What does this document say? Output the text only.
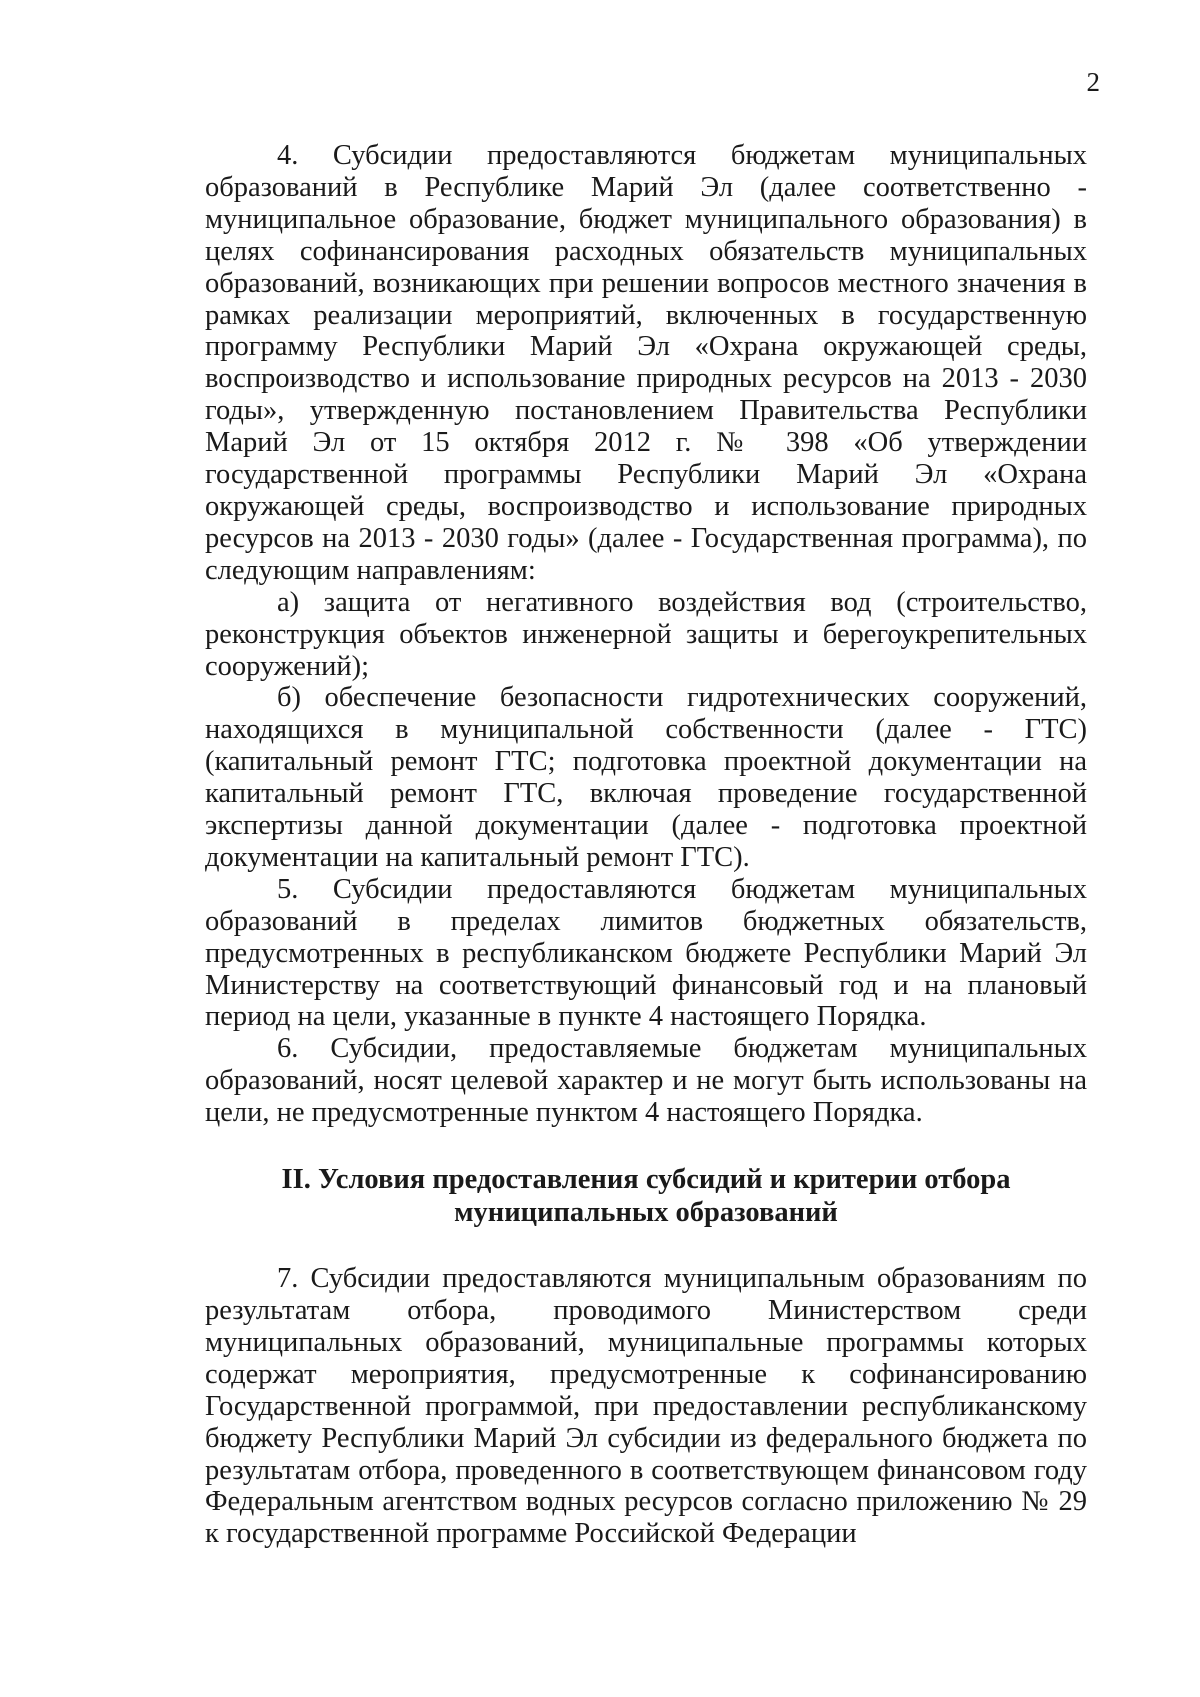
2

4. Субсидии предоставляются бюджетам муниципальных образований в Республике Марий Эл (далее соответственно - муниципальное образование, бюджет муниципального образования) в целях софинансирования расходных обязательств муниципальных образований, возникающих при решении вопросов местного значения в рамках реализации мероприятий, включенных в государственную программу Республики Марий Эл «Охрана окружающей среды, воспроизводство и использование природных ресурсов на 2013 - 2030 годы», утвержденную постановлением Правительства Республики Марий Эл от 15 октября 2012 г. № 398 «Об утверждении государственной программы Республики Марий Эл «Охрана окружающей среды, воспроизводство и использование природных ресурсов на 2013 - 2030 годы» (далее - Государственная программа), по следующим направлениям:

а) защита от негативного воздействия вод (строительство, реконструкция объектов инженерной защиты и берегоукрепительных сооружений);

б) обеспечение безопасности гидротехнических сооружений, находящихся в муниципальной собственности (далее - ГТС) (капитальный ремонт ГТС; подготовка проектной документации на капитальный ремонт ГТС, включая проведение государственной экспертизы данной документации (далее - подготовка проектной документации на капитальный ремонт ГТС).

5. Субсидии предоставляются бюджетам муниципальных образований в пределах лимитов бюджетных обязательств, предусмотренных в республиканском бюджете Республики Марий Эл Министерству на соответствующий финансовый год и на плановый период на цели, указанные в пункте 4 настоящего Порядка.

6. Субсидии, предоставляемые бюджетам муниципальных образований, носят целевой характер и не могут быть использованы на цели, не предусмотренные пунктом 4 настоящего Порядка.

II. Условия предоставления субсидий и критерии отбора
муниципальных образований

7. Субсидии предоставляются муниципальным образованиям по результатам отбора, проводимого Министерством среди муниципальных образований, муниципальные программы которых содержат мероприятия, предусмотренные к софинансированию Государственной программой, при предоставлении республиканскому бюджету Республики Марий Эл субсидии из федерального бюджета по результатам отбора, проведенного в соответствующем финансовом году Федеральным агентством водных ресурсов согласно приложению № 29 к государственной программе Российской Федерации
